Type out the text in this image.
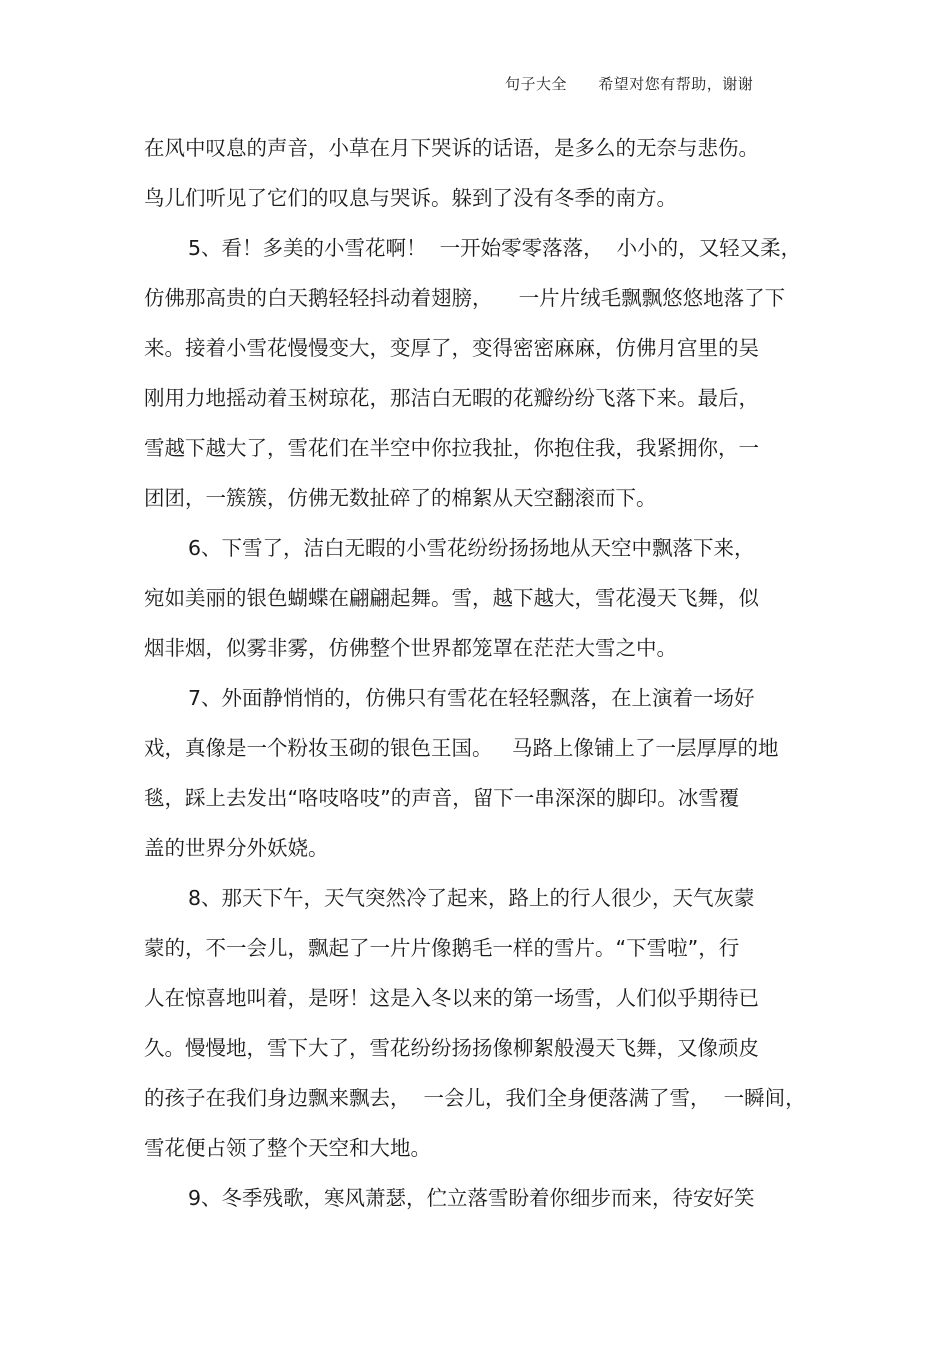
句子大全 希望对您有帮助，谢谢
在风中叹息的声音，小草在月下哭诉的话语，是多么的无奈与悲伤。
鸟儿们听见了它们的叹息与哭诉。躲到了没有冬季的南方。
5、看！多美的小雪花啊！  一开始零零落落，  小小的，又轻又柔，
仿佛那高贵的白天鹅轻轻抖动着翅膀，    一片片绒毛飘飘悠悠地落了下
来。接着小雪花慢慢变大，变厚了，变得密密麻麻，仿佛月宫里的吴
刚用力地摇动着玉树琼花，那洁白无暇的花瓣纷纷飞落下来。最后，
雪越下越大了，雪花们在半空中你拉我扯，你抱住我，我紧拥你，一
团团，一簇簇，仿佛无数扯碎了的棉絮从天空翻滚而下。
6、下雪了，洁白无暇的小雪花纷纷扬扬地从天空中飘落下来，
宛如美丽的银色蝴蝶在翩翩起舞。雪，越下越大，雪花漫天飞舞，似
烟非烟，似雾非雾，仿佛整个世界都笼罩在茫茫大雪之中。
7、外面静悄悄的，仿佛只有雪花在轻轻飘落，在上演着一场好
戏，真像是一个粉妆玉砌的银色王国。   马路上像铺上了一层厚厚的地
毯，踩上去发出“咯吱咯吱”的声音，留下一串深深的脚印。冰雪覆
盖的世界分外妖娆。
8、那天下午，天气突然冷了起来，路上的行人很少，天气灰蒙
蒙的，不一会儿，飘起了一片片像鹅毛一样的雪片。“下雪啦”，行
人在惊喜地叫着，是呀！这是入冬以来的第一场雪，人们似乎期待已
久。慢慢地，雪下大了，雪花纷纷扬扬像柳絮般漫天飞舞，又像顽皮
的孩子在我们身边飘来飘去，  一会儿，我们全身便落满了雪，  一瞬间，
雪花便占领了整个天空和大地。
9、冬季残歌，寒风萧瑟，伫立落雪盼着你细步而来，待安好笑
